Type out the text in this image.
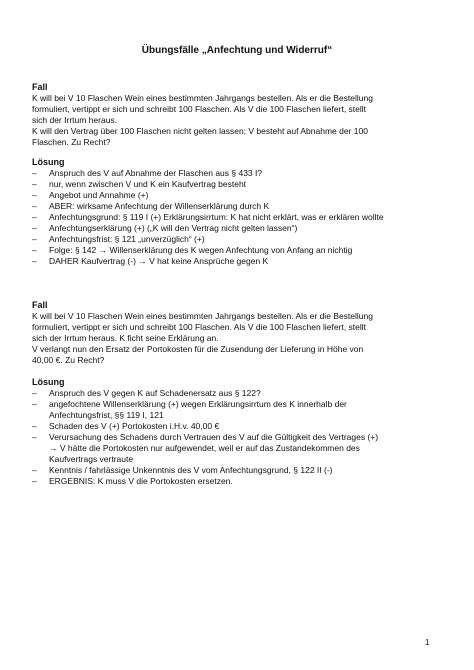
Übungsfälle „Anfechtung und Widerruf“
Fall

K will bei V 10 Flaschen Wein eines bestimmten Jahrgangs bestellen. Als er die Bestellung

formuliert, vertippt er sich und schreibt 100 Flaschen. Als V die 100 Flaschen liefert, stellt

sich der Irrtum heraus.

K will den Vertrag über 100 Flaschen nicht gelten lassen; V besteht auf Abnahme der 100

Flaschen. Zu Recht?

Lösung
– Anspruch des V auf Abnahme der Flaschen aus § 433 I?
– nur, wenn zwischen V und K ein Kaufvertrag besteht
– Angebot und Annahme (+)
– ABER: wirksame Anfechtung der Willenserklärung durch K
– Anfechtungsgrund: § 119 I (+) Erklärungsirrtum: K hat nicht erklärt, was er erklären wollte
– Anfechtungserklärung (+) („K will den Vertrag nicht gelten lassen“)
– Anfechtungsfrist: § 121 „unverzüglich“ (+)
– Folge: § 142 → Willenserklärung des K wegen Anfechtung von Anfang an nichtig
– DAHER Kaufvertrag (-) → V hat keine Ansprüche gegen K
Fall

K will bei V 10 Flaschen Wein eines bestimmten Jahrgangs bestellen. Als er die Bestellung

formuliert, vertippt er sich und schreibt 100 Flaschen. Als V die 100 Flaschen liefert, stellt

sich der Irrtum heraus. K ficht seine Erklärung an.

V verlangt nun den Ersatz der Portokosten für die Zusendung der Lieferung in Höhe von

40,00 €. Zu Recht?

Lösung
– Anspruch des V gegen K auf Schadenersatz aus § 122?
– angefochtene Willenserklärung (+) wegen Erklärungsirrtum des K innerhalb der
Anfechtungsfrist, §§ 119 I, 121
– Schaden des V (+) Portokosten i.H.v. 40,00 €
– Verursachung des Schadens durch Vertrauen des V auf die Gültigkeit des Vertrages (+)
→ V hätte die Portokosten nur aufgewendet, weil er auf das Zustandekommen des
Kaufvertrags vertraute
– Kenntnis / fahrlässige Unkenntnis des V vom Anfechtungsgrund, § 122 II (-)
– ERGEBNIS: K muss V die Portokosten ersetzen.
1
